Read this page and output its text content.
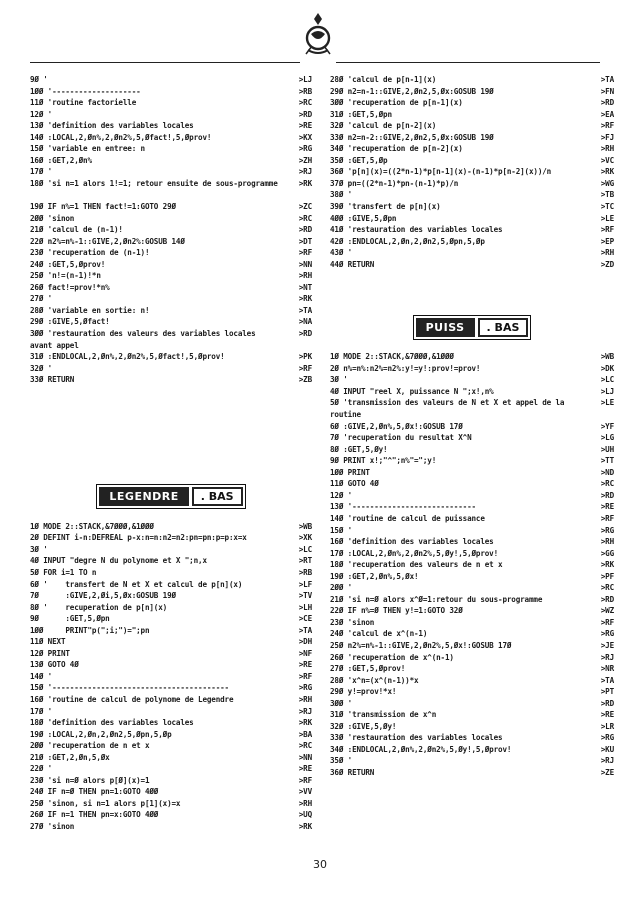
9Ø '	>LJ
1ØØ '--------------------	>RB
11Ø 'routine factorielle	>RC
12Ø '	>RD
13Ø 'definition des variables locales	>RE
14Ø :LOCAL,2,Øn%,2,Øn2%,5,Øfact!,5,Øprov!	>KX
15Ø 'variable en entree: n	>RG
16Ø :GET,2,Øn%	>ZH
17Ø '	>RJ
18Ø 'si n=1 alors 1!=1; retour ensuite de sous-programme	>RK
19Ø IF n%=1 THEN fact!=1:GOTO 29Ø	>ZC
2ØØ 'sinon	>RC
21Ø 'calcul de (n-1)!	>RD
22Ø n2%=n%-1::GIVE,2,Øn2%:GOSUB 14Ø	>DT
23Ø 'recuperation de (n-1)!	>RF
24Ø :GET,5,Øprov!	>NN
25Ø 'n!=(n-1)!*n	>RH
26Ø fact!=prov!*n%	>NT
27Ø '	>RK
28Ø 'variable en sortie: n!	>TA
29Ø :GIVE,5,Øfact!	>NA
3ØØ 'restauration des valeurs des variables locales avant appel
>RD
31Ø :ENDLOCAL,2,Øn%,2,Øn2%,5,Øfact!,5,Øprov!	>PK
32Ø '	>RF
33Ø RETURN	>ZB
LEGENDRE	. BAS
1Ø MODE 2::STACK,&7ØØØ,&1ØØØ	>WB
2Ø DEFINT i-n:DEFREAL p-x:n=n:n2=n2:pn=pn:p=p:x=x	>XK
3Ø '	>LC
4Ø INPUT "degre N du polynome et X ";n,x	>RT
5Ø FOR i=1 TO n	>RB
6Ø '    transfert de N et X et calcul de p[n](x)	>LF
7Ø      :GIVE,2,Øi,5,Øx:GOSUB 19Ø	>TV
8Ø '    recuperation de p[n](x)	>LH
9Ø      :GET,5,Øpn	>CE
1ØØ     PRINT"p(";i;")=";pn	>TA
11Ø NEXT	>DH
12Ø PRINT	>NF
13Ø GOTO 4Ø	>RE
14Ø '	>RF
15Ø '----------------------------------------	>RG
16Ø 'routine de calcul de polynome de Legendre	>RH
17Ø '	>RJ
18Ø 'definition des variables locales	>RK
19Ø :LOCAL,2,Øn,2,Øn2,5,Øpn,5,Øp	>BA
2ØØ 'recuperation de n et x	>RC
21Ø :GET,2,Øn,5,Øx	>NN
22Ø '	>RE
23Ø 'si n=Ø alors p[Ø](x)=1	>RF
24Ø IF n=Ø THEN pn=1:GOTO 4ØØ	>VV
25Ø 'sinon, si n=1 alors p[1](x)=x	>RH
26Ø IF n=1 THEN pn=x:GOTO 4ØØ	>UQ
27Ø 'sinon	>RK
28Ø 'calcul de p[n-1](x)	>TA
29Ø n2=n-1::GIVE,2,Øn2,5,Øx:GOSUB 19Ø	>FN
3ØØ 'recuperation de p[n-1](x)	>RD
31Ø :GET,5,Øpn	>EA
32Ø 'calcul de p[n-2](x)	>RF
33Ø n2=n-2::GIVE,2,Øn2,5,Øx:GOSUB 19Ø	>FJ
34Ø 'recuperation de p[n-2](x)	>RH
35Ø :GET,5,Øp	>VC
36Ø 'p[n](x)=((2*n-1)*p[n-1](x)-(n-1)*p[n-2](x))/n	>RK
37Ø pn=((2*n-1)*pn-(n-1)*p)/n	>WG
38Ø '	>TB
39Ø 'transfert de p[n](x)	>TC
4ØØ :GIVE,5,Øpn	>LE
41Ø 'restauration des variables locales	>RF
42Ø :ENDLOCAL,2,Øn,2,Øn2,5,Øpn,5,Øp	>EP
43Ø '	>RH
44Ø RETURN	>ZD
PUISS	. BAS
1Ø MODE 2::STACK,&7ØØØ,&1ØØØ	>WB
2Ø n%=n%:n2%=n2%:y!=y!:prov!=prov!	>DK
3Ø '	>LC
4Ø INPUT "reel X, puissance N ";x!,n%	>LJ
5Ø 'transmission des valeurs de N et X et appel de la routine
>LE
6Ø :GIVE,2,Øn%,5,Øx!:GOSUB 17Ø	>YF
7Ø 'recuperation du resultat X^N	>LG
8Ø :GET,5,Øy!	>UH
9Ø PRINT x!;"^";n%"=";y!	>TT
1ØØ PRINT	>ND
11Ø GOTO 4Ø	>RC
12Ø '	>RD
13Ø '----------------------------	>RE
14Ø 'routine de calcul de puissance	>RF
15Ø '	>RG
16Ø 'definition des variables locales	>RH
17Ø :LOCAL,2,Øn%,2,Øn2%,5,Øy!,5,Øprov!	>GG
18Ø 'recuperation des valeurs de n et x	>RK
19Ø :GET,2,Øn%,5,Øx!	>PF
2ØØ '	>RC
21Ø 'si n=Ø alors x^Ø=1:retour du sous-programme	>RD
22Ø IF n%=Ø THEN y!=1:GOTO 32Ø	>WZ
23Ø 'sinon	>RF
24Ø 'calcul de x^(n-1)	>RG
25Ø n2%=n%-1::GIVE,2,Øn2%,5,Øx!:GOSUB 17Ø	>JE
26Ø 'recuperation de x^(n-1)	>RJ
27Ø :GET,5,Øprov!	>NR
28Ø 'x^n=(x^(n-1))*x	>TA
29Ø y!=prov!*x!	>PT
3ØØ '	>RD
31Ø 'transmission de x^n	>RE
32Ø :GIVE,5,Øy!	>LR
33Ø 'restauration des variables locales	>RG
34Ø :ENDLOCAL,2,Øn%,2,Øn2%,5,Øy!,5,Øprov!	>KU
35Ø '	>RJ
36Ø RETURN	>ZE
30
